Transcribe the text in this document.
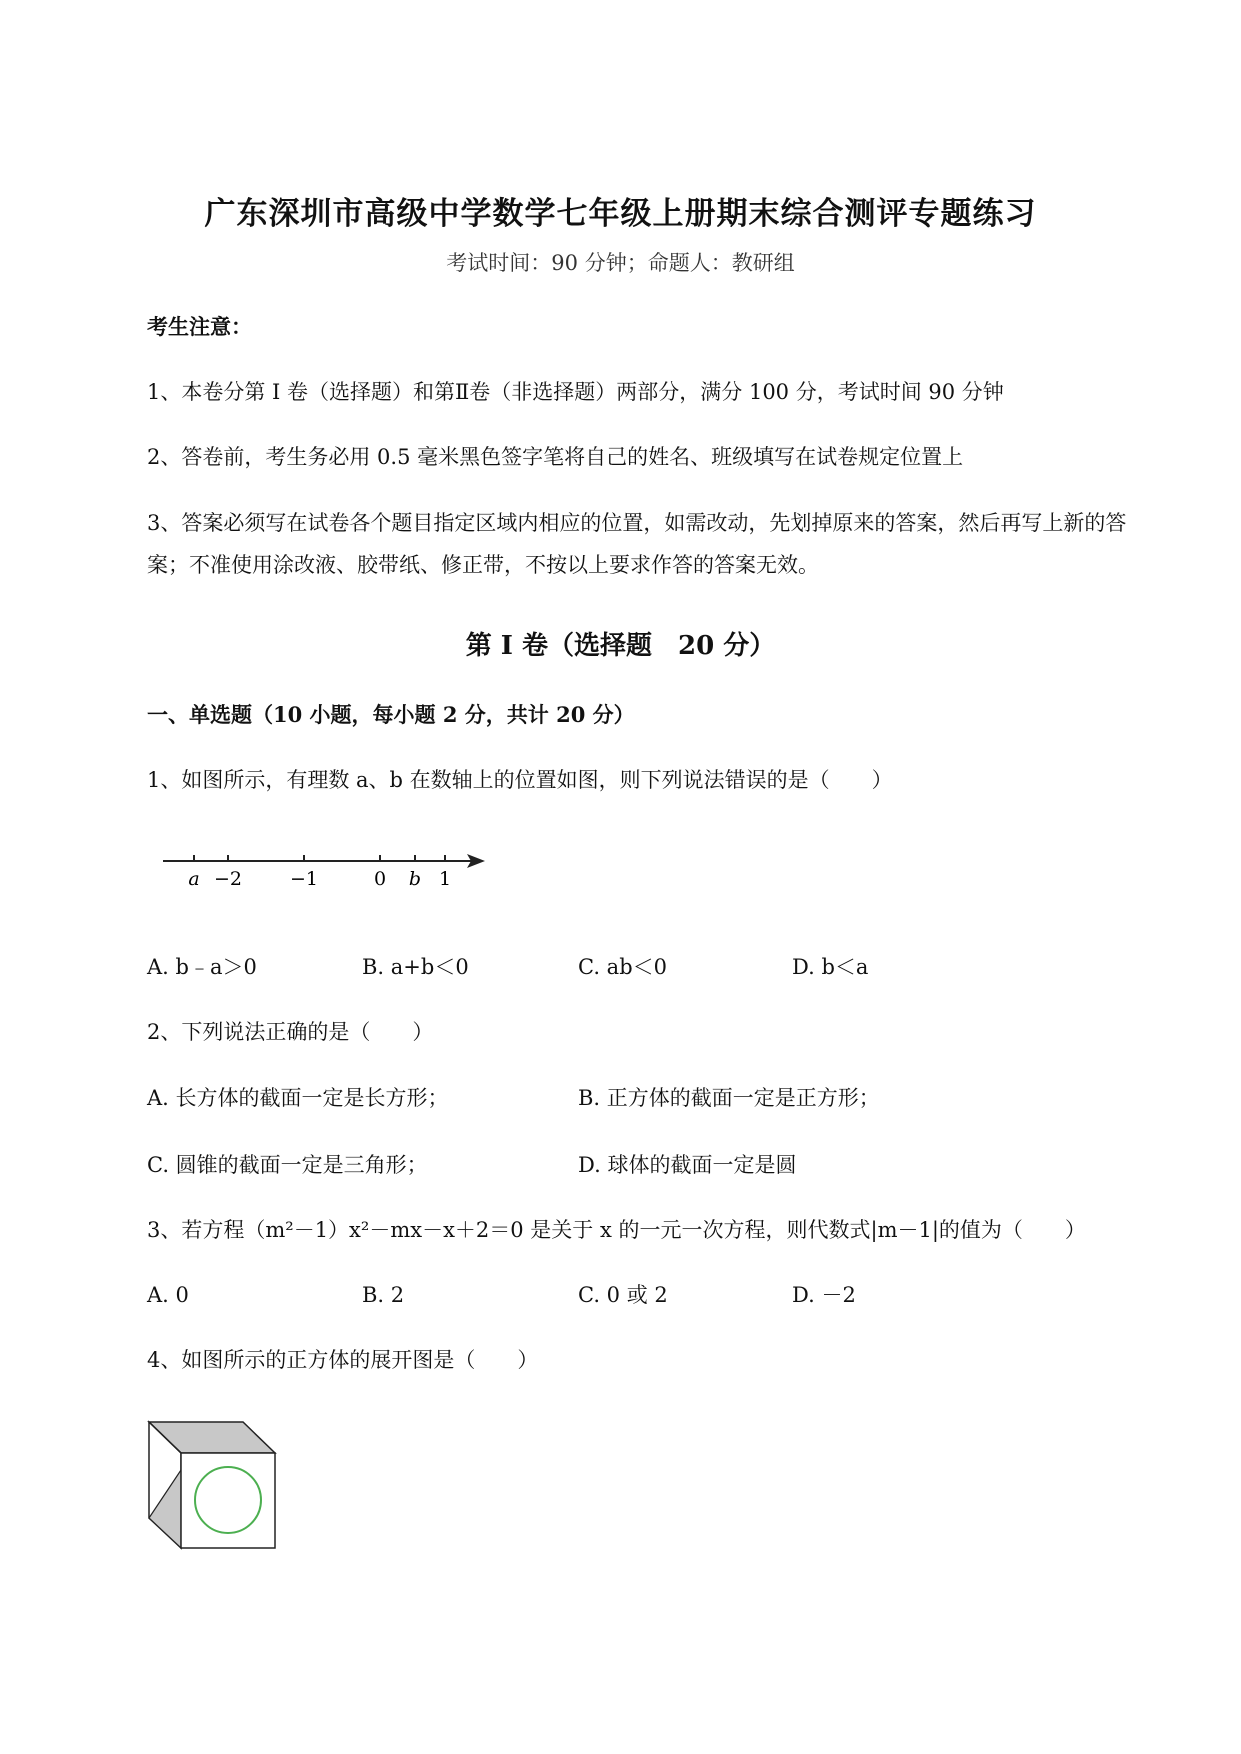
广东深圳市高级中学数学七年级上册期末综合测评专题练习
考试时间：90 分钟；命题人：教研组
考生注意：
1、本卷分第 I 卷（选择题）和第Ⅱ卷（非选择题）两部分，满分 100 分，考试时间 90 分钟
2、答卷前，考生务必用 0.5 毫米黑色签字笔将自己的姓名、班级填写在试卷规定位置上
3、答案必须写在试卷各个题目指定区域内相应的位置，如需改动，先划掉原来的答案，然后再写上新的答案；不准使用涂改液、胶带纸、修正带，不按以上要求作答的答案无效。
第 I 卷（选择题　20 分）
一、单选题（10 小题，每小题 2 分，共计 20 分）
1、如图所示，有理数 a、b 在数轴上的位置如图，则下列说法错误的是（　　）
a −2	−1	0 b 1
A. b﹣a＞0	B. a+b＜0	C. ab＜0	D. b＜a
2、下列说法正确的是（　　）
A. 长方体的截面一定是长方形；	B. 正方体的截面一定是正方形；
C. 圆锥的截面一定是三角形；	D. 球体的截面一定是圆
3、若方程（m²－1）x²－mx－x＋2＝0 是关于 x 的一元一次方程，则代数式|m－1|的值为（　　）
A. 0	B. 2	C. 0 或 2	D. －2
4、如图所示的正方体的展开图是（　　）
